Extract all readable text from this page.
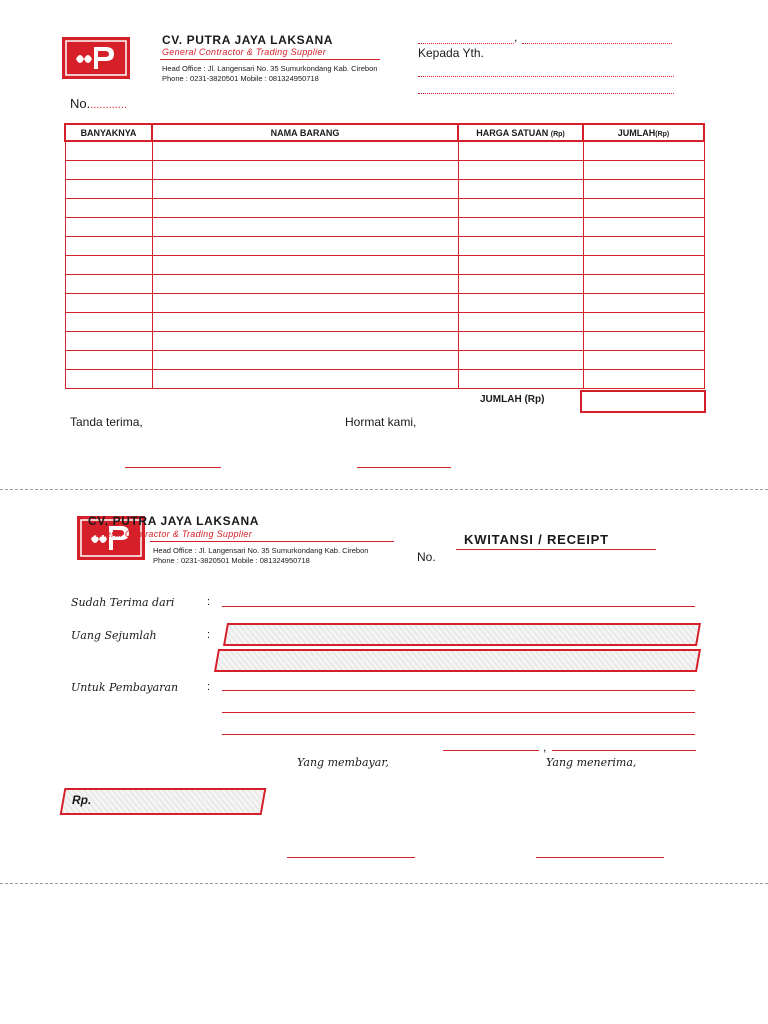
CV. PUTRA JAYA LAKSANA
General Contractor & Trading Supplier
Head Office : Jl. Langensari No. 35 Sumurkondang Kab. Cirebon
Phone : 0231-3820501 Mobile : 081324950718
,
Kepada Yth.
No.............
BANYAKNYA	NAMA BARANG	HARGA SATUAN (Rp)	JUMLAH(Rp)

JUMLAH (Rp)
Tanda terima,	Hormat kami,
CV. PUTRA JAYA LAKSANA
General Contractor & Trading Supplier
Head Office : Jl. Langensari No. 35 Sumurkondang Kab. Cirebon
Phone : 0231-3820501 Mobile : 081324950718
KWITANSI / RECEIPT
No.
Sudah Terima dari	:
Uang Sejumlah	:
Untuk Pembayaran	:
,
Yang membayar,	Yang menerima,
Rp.
